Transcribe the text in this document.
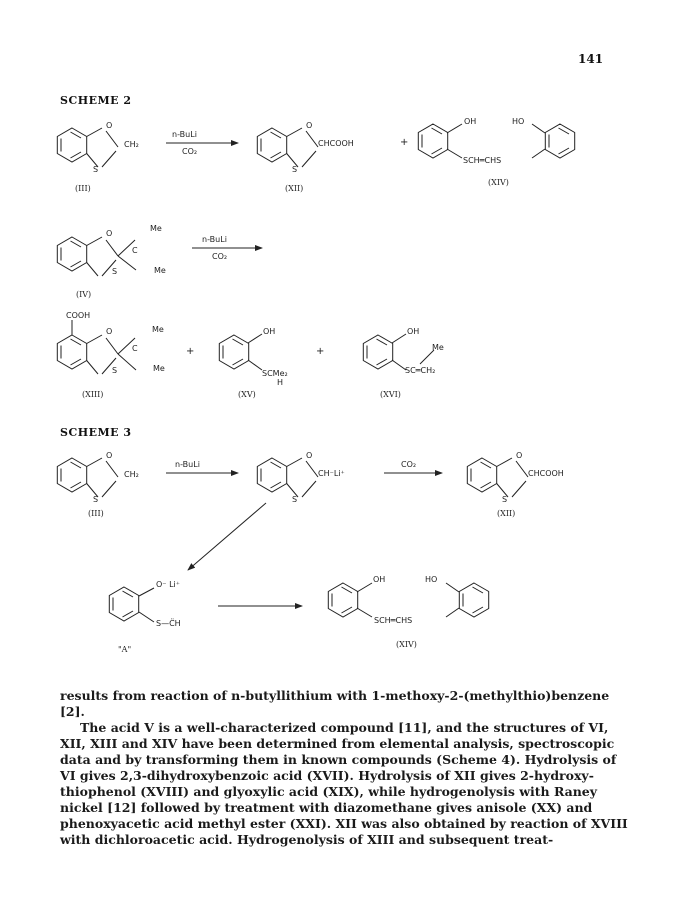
141
SCHEME 2
O
CH₂
S
n-BuLi
CO₂
(III)
O
CHCOOH
S
(XII)
+
OH	HO
SCH═CHS
(XIV)
O
Me
C
Me
S
n-BuLi
CO₂
(IV)
COOH
O	Me
C
Me
S
(XIII)
+
OH
SCMe₂
H
(XV)
+
OH
Me
SC═CH₂
(XVI)
SCHEME 3
O
CH₂
S
n-BuLi
(III)
O
CH⁻Li⁺
S
CO₂
O
CHCOOH
S
(XII)
O⁻ Li⁺
S—C̈H
"A"
OH	HO
SCH═CHS
(XIV)

results from reaction of n-butyllithium with 1-methoxy-2-(methylthio)benzene

[2].

The acid V is a well-characterized compound [11], and the structures of VI, XII, XIII and XIV have been determined from elemental analysis, spectroscopic data and by transforming them in known compounds (Scheme 4). Hydrolysis of VI gives 2,3-dihydroxybenzoic acid (XVII). Hydrolysis of XII gives 2-hydroxy-thiophenol (XVIII) and glyoxylic acid (XIX), while hydrogenolysis with Raney nickel [12] followed by treatment with diazomethane gives anisole (XX) and phenoxyacetic acid methyl ester (XXI). XII was also obtained by reaction of XVIII with dichloroacetic acid. Hydrogenolysis of XIII and subsequent treat-
